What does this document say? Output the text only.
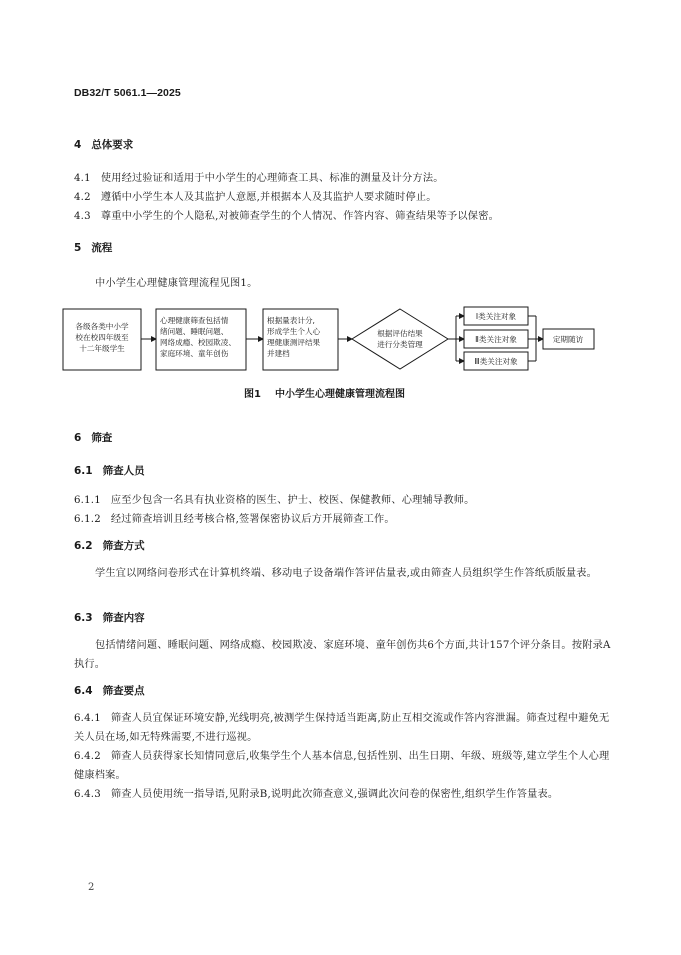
DB32/T 5061.1—2025
4 总体要求
4.1 使用经过验证和适用于中小学生的心理筛查工具、标准的测量及计分方法。
4.2 遵循中小学生本人及其监护人意愿,并根据本人及其监护人要求随时停止。
4.3 尊重中小学生的个人隐私,对被筛查学生的个人情况、作答内容、筛查结果等予以保密。
5 流程
中小学生心理健康管理流程见图1。
各级各类中小学
校在校四年级至
十二年级学生
心理健康筛查包括情
绪问题、睡眠问题、
网络成瘾、校园欺凌、
家庭环境、童年创伤
根据量表计分,
形成学生个人心
理健康测评结果
并建档
根据评估结果
进行分类管理
Ⅰ类关注对象
Ⅱ类关注对象
Ⅲ类关注对象
定期随访
图1 中小学生心理健康管理流程图
6 筛查
6.1 筛查人员
6.1.1 应至少包含一名具有执业资格的医生、护士、校医、保健教师、心理辅导教师。
6.1.2 经过筛查培训且经考核合格,签署保密协议后方开展筛查工作。
6.2 筛查方式
学生宜以网络问卷形式在计算机终端、移动电子设备端作答评估量表,或由筛查人员组织学生作答纸质版量表。
6.3 筛查内容
包括情绪问题、睡眠问题、网络成瘾、校园欺凌、家庭环境、童年创伤共6个方面,共计157个评分条目。按附录A执行。
6.4 筛查要点
6.4.1 筛查人员宜保证环境安静,光线明亮,被测学生保持适当距离,防止互相交流或作答内容泄漏。筛查过程中避免无关人员在场,如无特殊需要,不进行巡视。
6.4.2 筛查人员获得家长知情同意后,收集学生个人基本信息,包括性别、出生日期、年级、班级等,建立学生个人心理健康档案。
6.4.3 筛查人员使用统一指导语,见附录B,说明此次筛查意义,强调此次问卷的保密性,组织学生作答量表。
2
